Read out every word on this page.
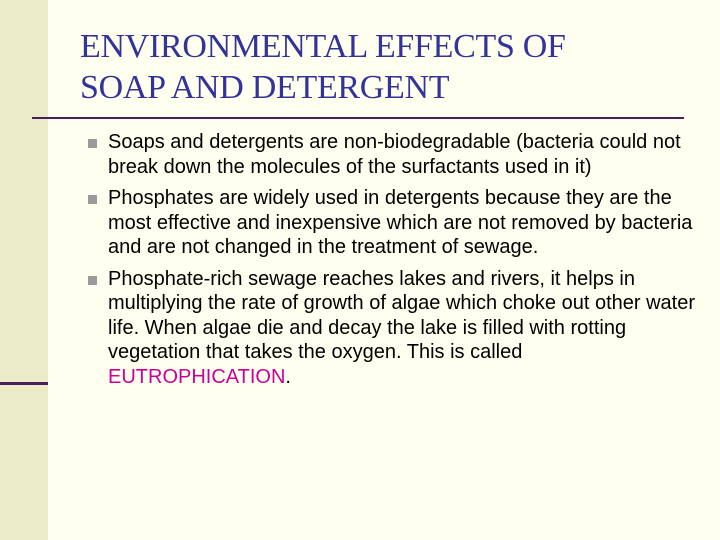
ENVIRONMENTAL EFFECTS OF
SOAP AND DETERGENT
Soaps and detergents are non-biodegradable (bacteria could not break down the molecules of the surfactants used in it)
Phosphates are widely used in detergents because they are the most effective and inexpensive which are not removed by bacteria and are not changed in the treatment of sewage.
Phosphate-rich sewage reaches lakes and rivers, it helps in multiplying the rate of growth of algae which choke out other water life. When algae die and decay the lake is filled with rotting vegetation that takes the oxygen. This is called EUTROPHICATION.
